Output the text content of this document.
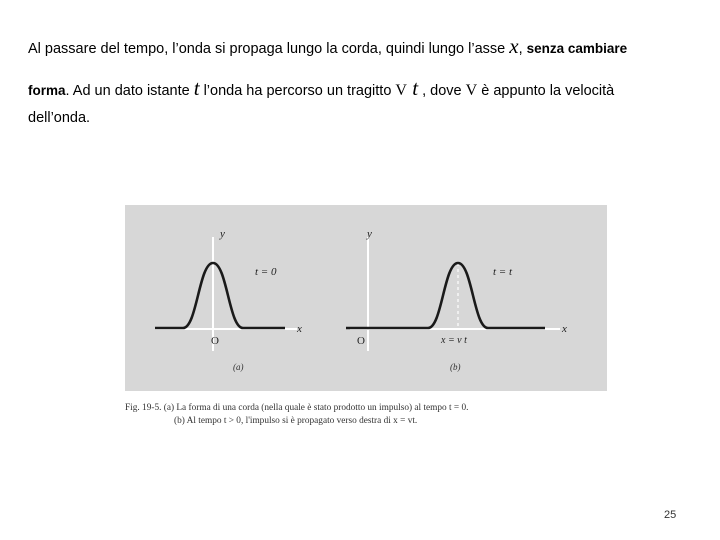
Al passare del tempo, l’onda si propaga lungo la corda, quindi lungo l’asse x, senza cambiare
forma. Ad un dato istante t l’onda ha percorso un tragitto V t , dove V è appunto la velocità
dell’onda.
y
x
O
t = 0
(a)
y
x
O
t = t
x = v t
(b)
Fig. 19-5. (a) La forma di una corda (nella quale è stato prodotto un impulso) al tempo t = 0.
(b) Al tempo t > 0, l'impulso si è propagato verso destra di x = vt.
25
